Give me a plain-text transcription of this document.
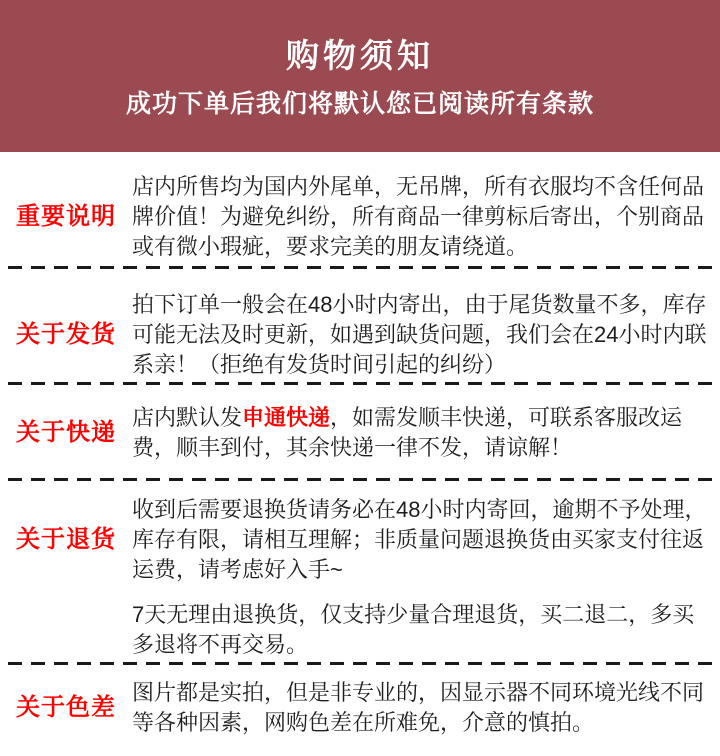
购物须知
成功下单后我们将默认您已阅读所有条款
重要说明

店内所售均为国内外尾单，无吊牌，所有衣服均不含任何品牌价值！为避免纠纷，所有商品一律剪标后寄出，个别商品或有微小瑕疵，要求完美的朋友请绕道。

关于发货

拍下订单一般会在48小时内寄出，由于尾货数量不多，库存可能无法及时更新，如遇到缺货问题，我们会在24小时内联系亲！（拒绝有发货时间引起的纠纷）

关于快递

店内默认发申通快递，如需发顺丰快递，可联系客服改运费，顺丰到付，其余快递一律不发，请谅解！

关于退货

收到后需要退换货请务必在48小时内寄回，逾期不予处理，库存有限，请相互理解；非质量问题退换货由买家支付往返运费，请考虑好入手~

7天无理由退换货，仅支持少量合理退货，买二退二，多买多退将不再交易。

关于色差

图片都是实拍，但是非专业的，因显示器不同环境光线不同等各种因素，网购色差在所难免，介意的慎拍。
